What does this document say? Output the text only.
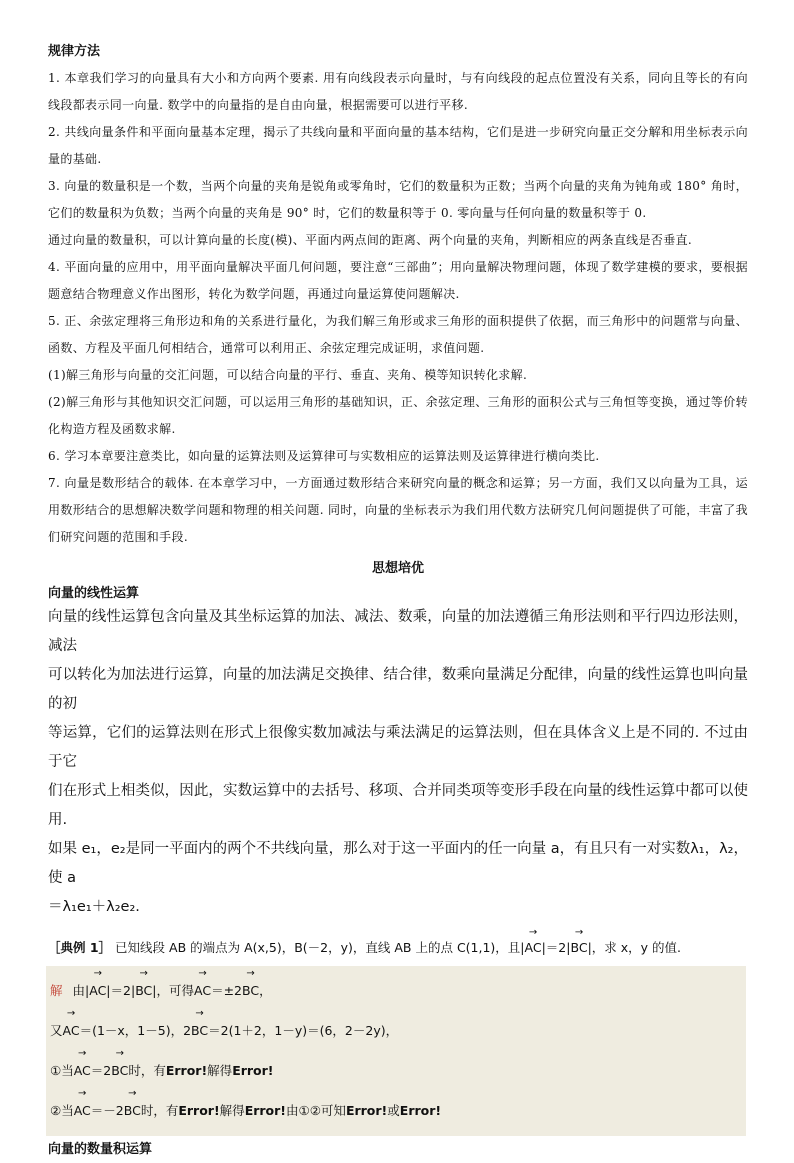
规律方法

1. 本章我们学习的向量具有大小和方向两个要素. 用有向线段表示向量时，与有向线段的起点位置没有关系，同向且等长的有向线段都表示同一向量. 数学中的向量指的是自由向量，根据需要可以进行平移.

2. 共线向量条件和平面向量基本定理，揭示了共线向量和平面向量的基本结构，它们是进一步研究向量正交分解和用坐标表示向量的基础.

3. 向量的数量积是一个数，当两个向量的夹角是锐角或零角时，它们的数量积为正数；当两个向量的夹角为钝角或 180° 角时，它们的数量积为负数；当两个向量的夹角是 90° 时，它们的数量积等于 0. 零向量与任何向量的数量积等于 0.

通过向量的数量积，可以计算向量的长度(模)、平面内两点间的距离、两个向量的夹角，判断相应的两条直线是否垂直.

4. 平面向量的应用中，用平面向量解决平面几何问题，要注意“三部曲”；用向量解决物理问题，体现了数学建模的要求，要根据题意结合物理意义作出图形，转化为数学问题，再通过向量运算使问题解决.

5. 正、余弦定理将三角形边和角的关系进行量化，为我们解三角形或求三角形的面积提供了依据，而三角形中的问题常与向量、函数、方程及平面几何相结合，通常可以利用正、余弦定理完成证明，求值问题.

(1)解三角形与向量的交汇问题，可以结合向量的平行、垂直、夹角、模等知识转化求解.

(2)解三角形与其他知识交汇问题，可以运用三角形的基础知识，正、余弦定理、三角形的面积公式与三角恒等变换，通过等价转化构造方程及函数求解.

6. 学习本章要注意类比，如向量的运算法则及运算律可与实数相应的运算法则及运算律进行横向类比.

7. 向量是数形结合的载体. 在本章学习中，一方面通过数形结合来研究向量的概念和运算；另一方面，我们又以向量为工具，运用数形结合的思想解决数学问题和物理的相关问题. 同时，向量的坐标表示为我们用代数方法研究几何问题提供了可能，丰富了我们研究问题的范围和手段.

思想培优
向量的线性运算
向量的线性运算包含向量及其坐标运算的加法、减法、数乘，向量的加法遵循三角形法则和平行四边形法则，减法
可以转化为加法进行运算，向量的加法满足交换律、结合律，数乘向量满足分配律，向量的线性运算也叫向量的初
等运算，它们的运算法则在形式上很像实数加减法与乘法满足的运算法则，但在具体含义上是不同的. 不过由于它
们在形式上相类似，因此，实数运算中的去括号、移项、合并同类项等变形手段在向量的线性运算中都可以使用.
如果 e₁，e₂是同一平面内的两个不共线向量，那么对于这一平面内的任一向量 a，有且只有一对实数λ₁，λ₂，使 a
＝λ₁e₁＋λ₂e₂.
［典例 1］ 已知线段 AB 的端点为 A(x,5)，B(－2，y)，直线 AB 上的点 C(1,1)，且|→ AC|＝2|→ BC|，求 x，y 的值.
解 由|→ AC|＝2|→ BC|，可得→ AC＝±2→ BC，
又→ AC＝(1－x，1－5)，2→ BC＝2(1＋2，1－y)＝(6，2－2y)，
①当→ AC＝2→ BC时，有Error!解得Error!
②当→ AC＝－2→ BC时，有Error!解得Error!由①②可知Error!或Error!
向量的数量积运算
